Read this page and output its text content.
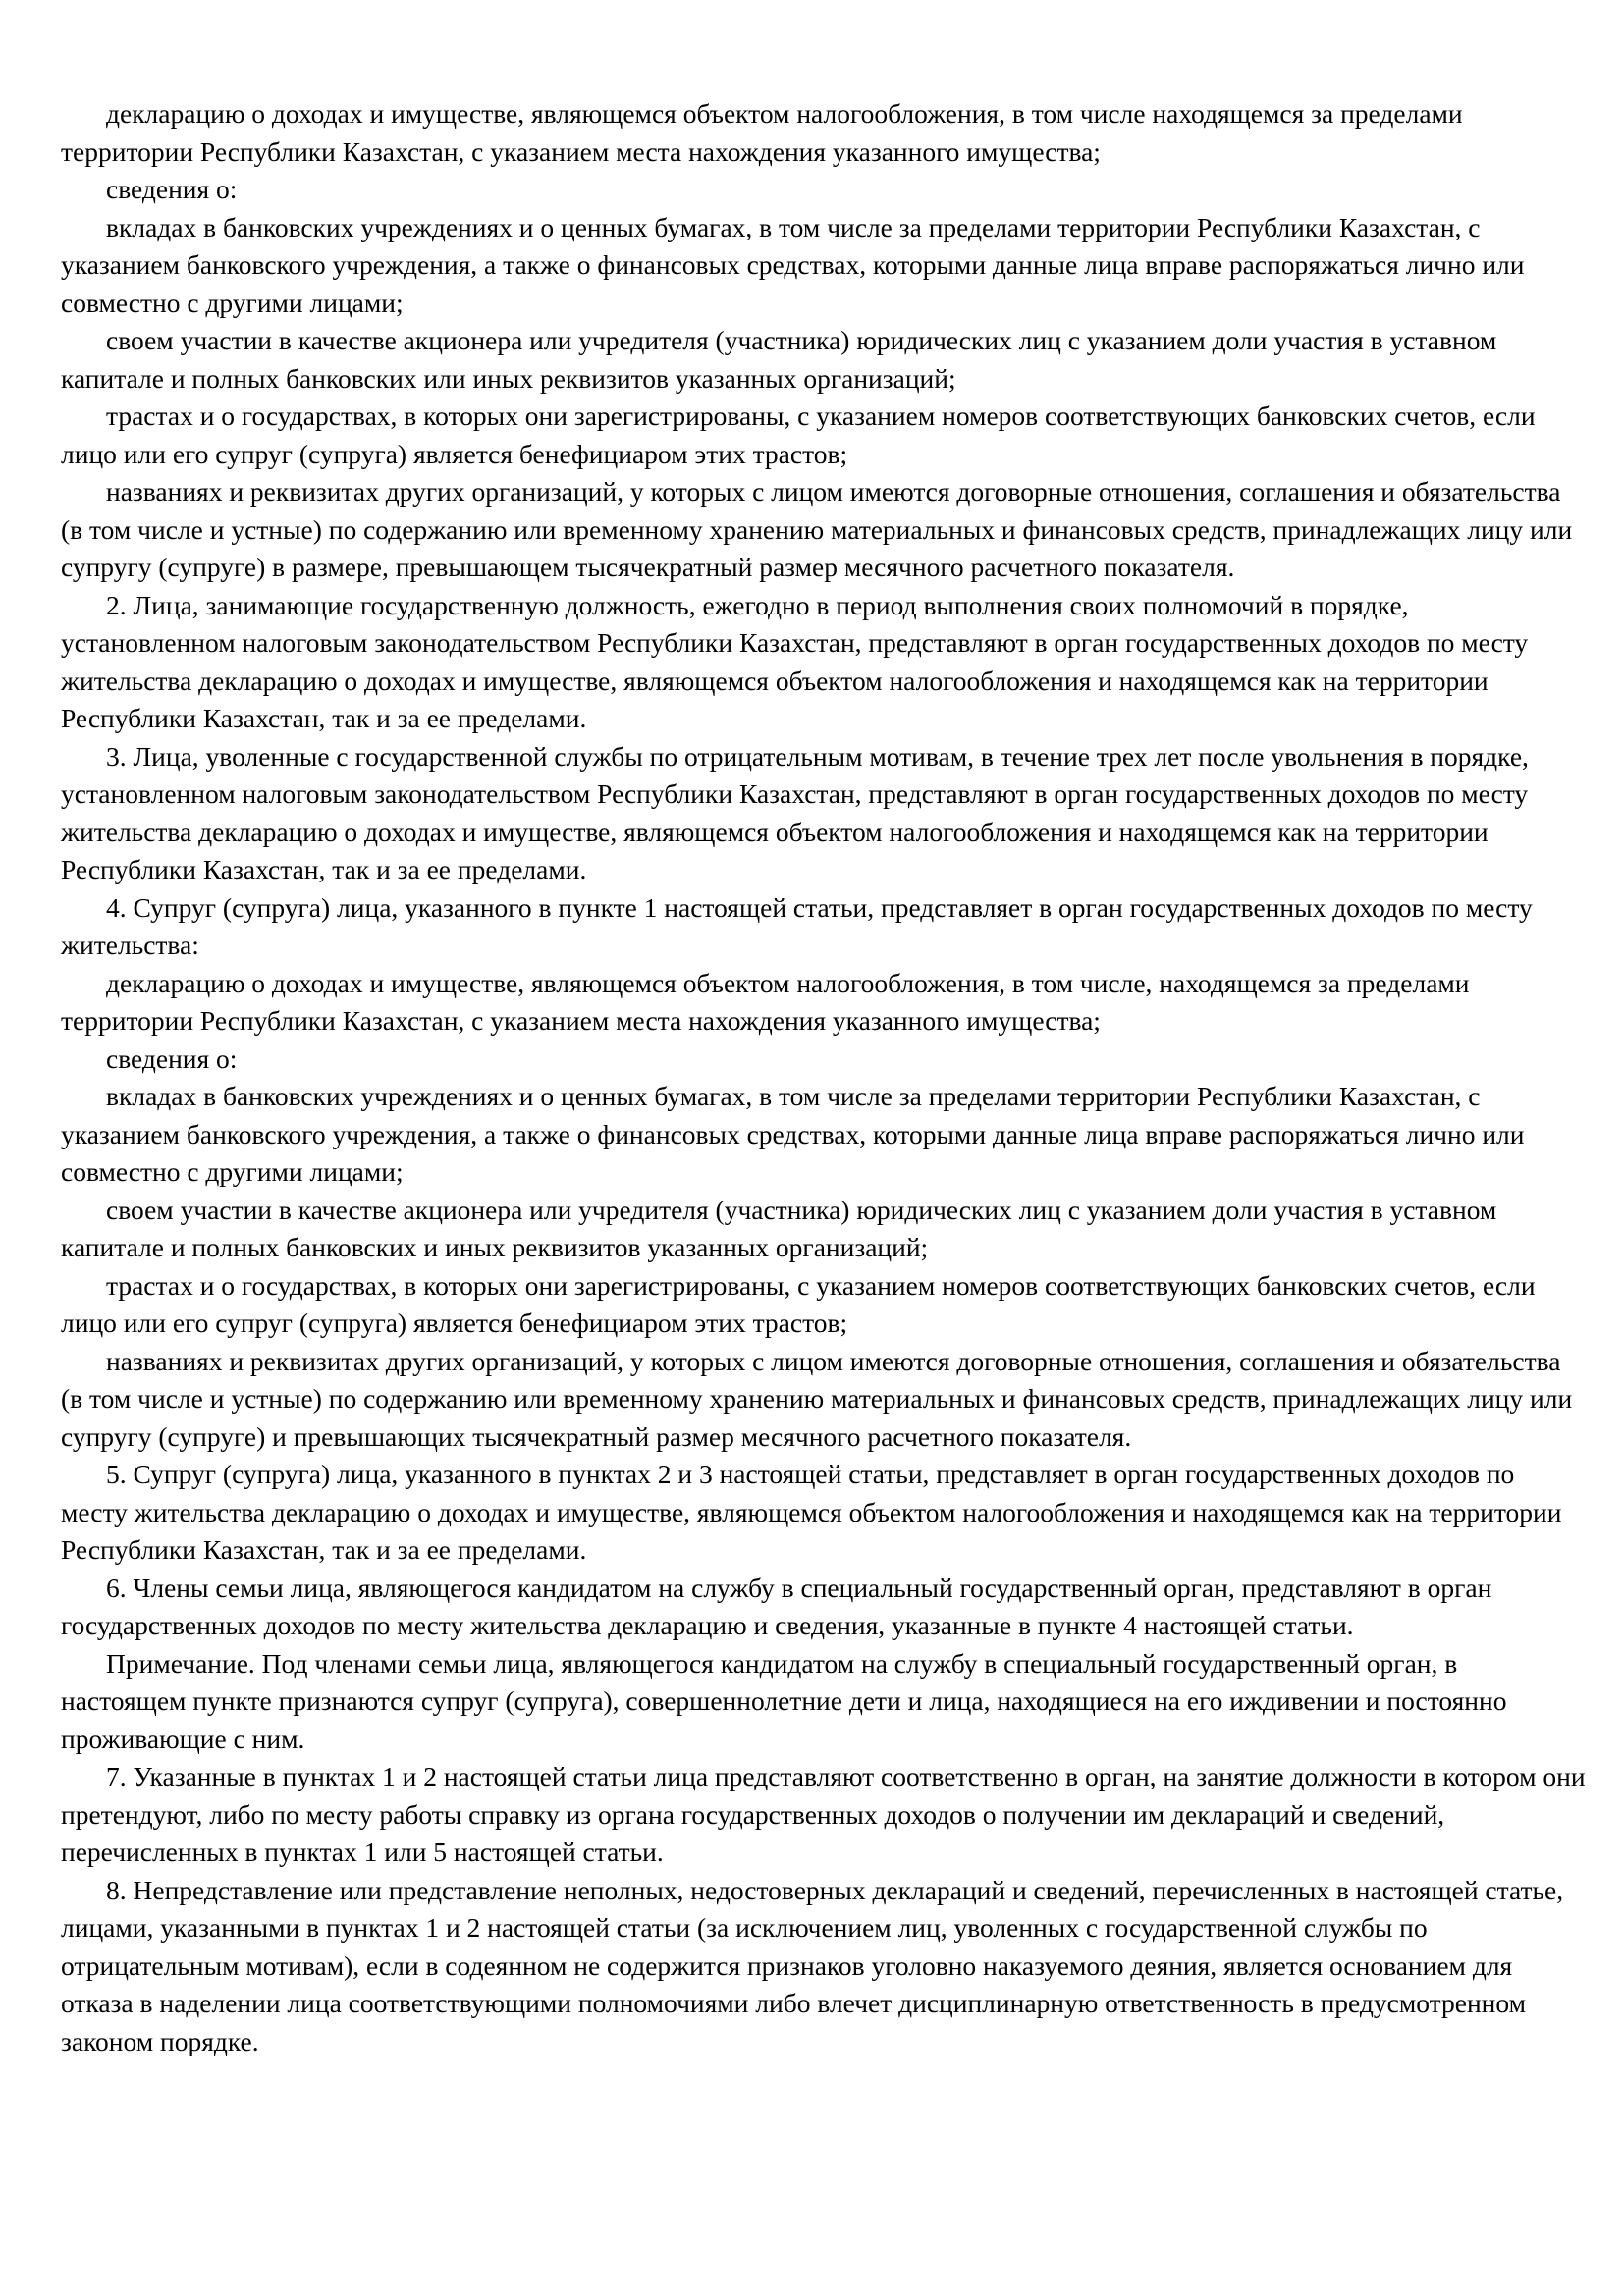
декларацию о доходах и имуществе, являющемся объектом налогообложения, в том числе находящемся за пределами территории Республики Казахстан, с указанием места нахождения указанного имущества;

сведения о:

вкладах в банковских учреждениях и о ценных бумагах, в том числе за пределами территории Республики Казахстан, с указанием банковского учреждения, а также о финансовых средствах, которыми данные лица вправе распоряжаться лично или совместно с другими лицами;

своем участии в качестве акционера или учредителя (участника) юридических лиц с указанием доли участия в уставном капитале и полных банковских или иных реквизитов указанных организаций;

трастах и о государствах, в которых они зарегистрированы, с указанием номеров соответствующих банковских счетов, если лицо или его супруг (супруга) является бенефициаром этих трастов;

названиях и реквизитах других организаций, у которых с лицом имеются договорные отношения, соглашения и обязательства (в том числе и устные) по содержанию или временному хранению материальных и финансовых средств, принадлежащих лицу или супругу (супруге) в размере, превышающем тысячекратный размер месячного расчетного показателя.

2. Лица, занимающие государственную должность, ежегодно в период выполнения своих полномочий в порядке, установленном налоговым законодательством Республики Казахстан, представляют в орган государственных доходов по месту жительства декларацию о доходах и имуществе, являющемся объектом налогообложения и находящемся как на территории Республики Казахстан, так и за ее пределами.

3. Лица, уволенные с государственной службы по отрицательным мотивам, в течение трех лет после увольнения в порядке, установленном налоговым законодательством Республики Казахстан, представляют в орган государственных доходов по месту жительства декларацию о доходах и имуществе, являющемся объектом налогообложения и находящемся как на территории Республики Казахстан, так и за ее пределами.

4. Супруг (супруга) лица, указанного в пункте 1 настоящей статьи, представляет в орган государственных доходов по месту жительства:

декларацию о доходах и имуществе, являющемся объектом налогообложения, в том числе, находящемся за пределами территории Республики Казахстан, с указанием места нахождения указанного имущества;

сведения о:

вкладах в банковских учреждениях и о ценных бумагах, в том числе за пределами территории Республики Казахстан, с указанием банковского учреждения, а также о финансовых средствах, которыми данные лица вправе распоряжаться лично или совместно с другими лицами;

своем участии в качестве акционера или учредителя (участника) юридических лиц с указанием доли участия в уставном капитале и полных банковских и иных реквизитов указанных организаций;

трастах и о государствах, в которых они зарегистрированы, с указанием номеров соответствующих банковских счетов, если лицо или его супруг (супруга) является бенефициаром этих трастов;

названиях и реквизитах других организаций, у которых с лицом имеются договорные отношения, соглашения и обязательства (в том числе и устные) по содержанию или временному хранению материальных и финансовых средств, принадлежащих лицу или супругу (супруге) и превышающих тысячекратный размер месячного расчетного показателя.

5. Супруг (супруга) лица, указанного в пунктах 2 и 3 настоящей статьи, представляет в орган государственных доходов по месту жительства декларацию о доходах и имуществе, являющемся объектом налогообложения и находящемся как на территории Республики Казахстан, так и за ее пределами.

6. Члены семьи лица, являющегося кандидатом на службу в специальный государственный орган, представляют в орган государственных доходов по месту жительства декларацию и сведения, указанные в пункте 4 настоящей статьи.

Примечание. Под членами семьи лица, являющегося кандидатом на службу в специальный государственный орган, в настоящем пункте признаются супруг (супруга), совершеннолетние дети и лица, находящиеся на его иждивении и постоянно проживающие с ним.

7. Указанные в пунктах 1 и 2 настоящей статьи лица представляют соответственно в орган, на занятие должности в котором они претендуют, либо по месту работы справку из органа государственных доходов о получении им деклараций и сведений, перечисленных в пунктах 1 или 5 настоящей статьи.

8. Непредставление или представление неполных, недостоверных деклараций и сведений, перечисленных в настоящей статье, лицами, указанными в пунктах 1 и 2 настоящей статьи (за исключением лиц, уволенных с государственной службы по отрицательным мотивам), если в содеянном не содержится признаков уголовно наказуемого деяния, является основанием для отказа в наделении лица соответствующими полномочиями либо влечет дисциплинарную ответственность в предусмотренном законом порядке.
